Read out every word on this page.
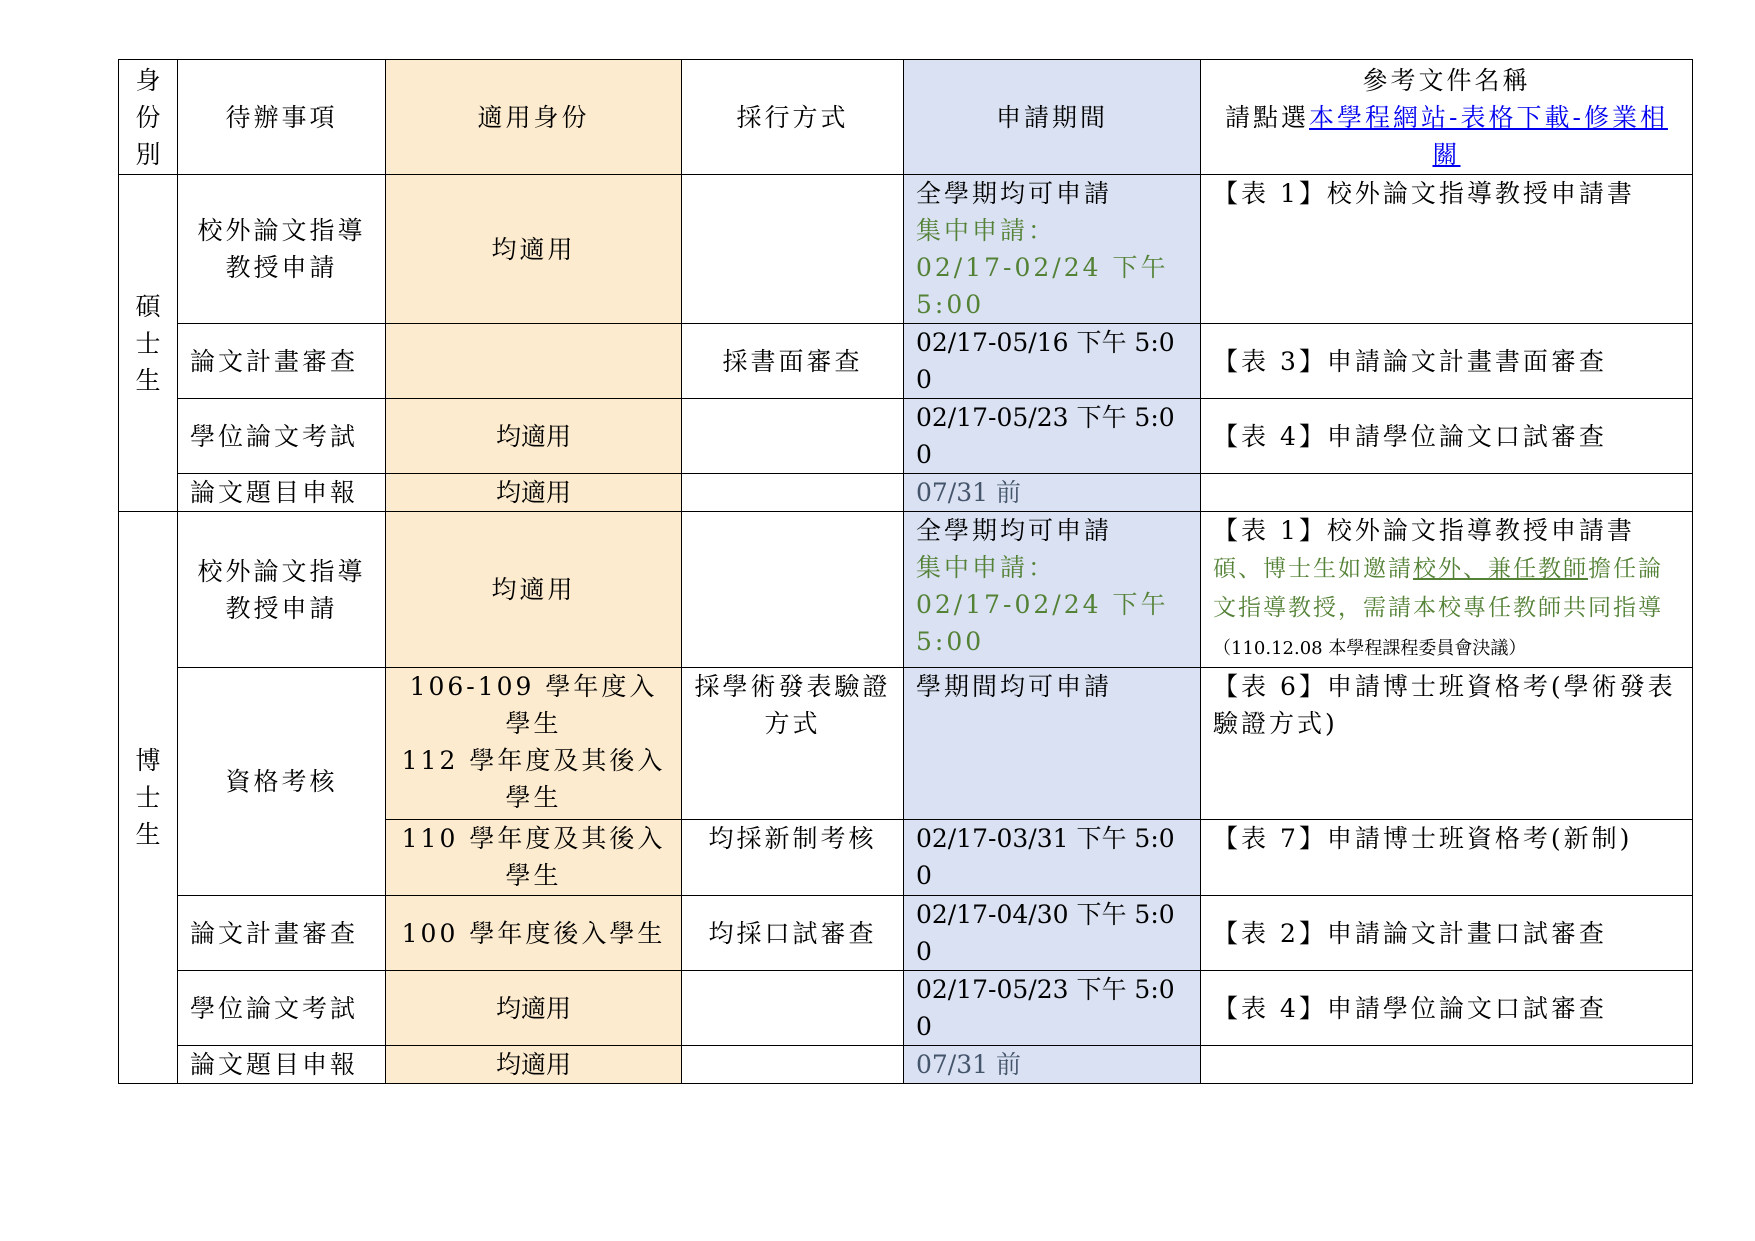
身
份
別	待辦事項	適用身份	採行方式	申請期間	參考文件名稱
請點選本學程網站-表格下載-修業相關

碩
士
生	校外論文指導教授申請	均適用		全學期均可申請
集中申請：
02/17-02/24 下午 5:00	【表 1】校外論文指導教授申請書
	論文計畫審查		採書面審查	02/17-05/16 下午 5:00	【表 3】申請論文計畫書面審查
	學位論文考試	均適用		02/17-05/23 下午 5:00	【表 4】申請學位論文口試審查
	論文題目申報	均適用		07/31 前	

博
士
生	校外論文指導教授申請	均適用		全學期均可申請
集中申請：
02/17-02/24 下午 5:00	【表 1】校外論文指導教授申請書
碩、博士生如邀請校外、兼任教師擔任論文指導教授，需請本校專任教師共同指導（110.12.08 本學程課程委員會決議）
	資格考核	106-109 學年度入學生
112 學年度及其後入學生	採學術發表驗證方式	學期間均可申請	【表 6】申請博士班資格考(學術發表驗證方式)
		110 學年度及其後入學生	均採新制考核	02/17-03/31 下午 5:00	【表 7】申請博士班資格考(新制)
	論文計畫審查	100 學年度後入學生	均採口試審查	02/17-04/30 下午 5:00	【表 2】申請論文計畫口試審查
	學位論文考試	均適用		02/17-05/23 下午 5:00	【表 4】申請學位論文口試審查
	論文題目申報	均適用		07/31 前	
